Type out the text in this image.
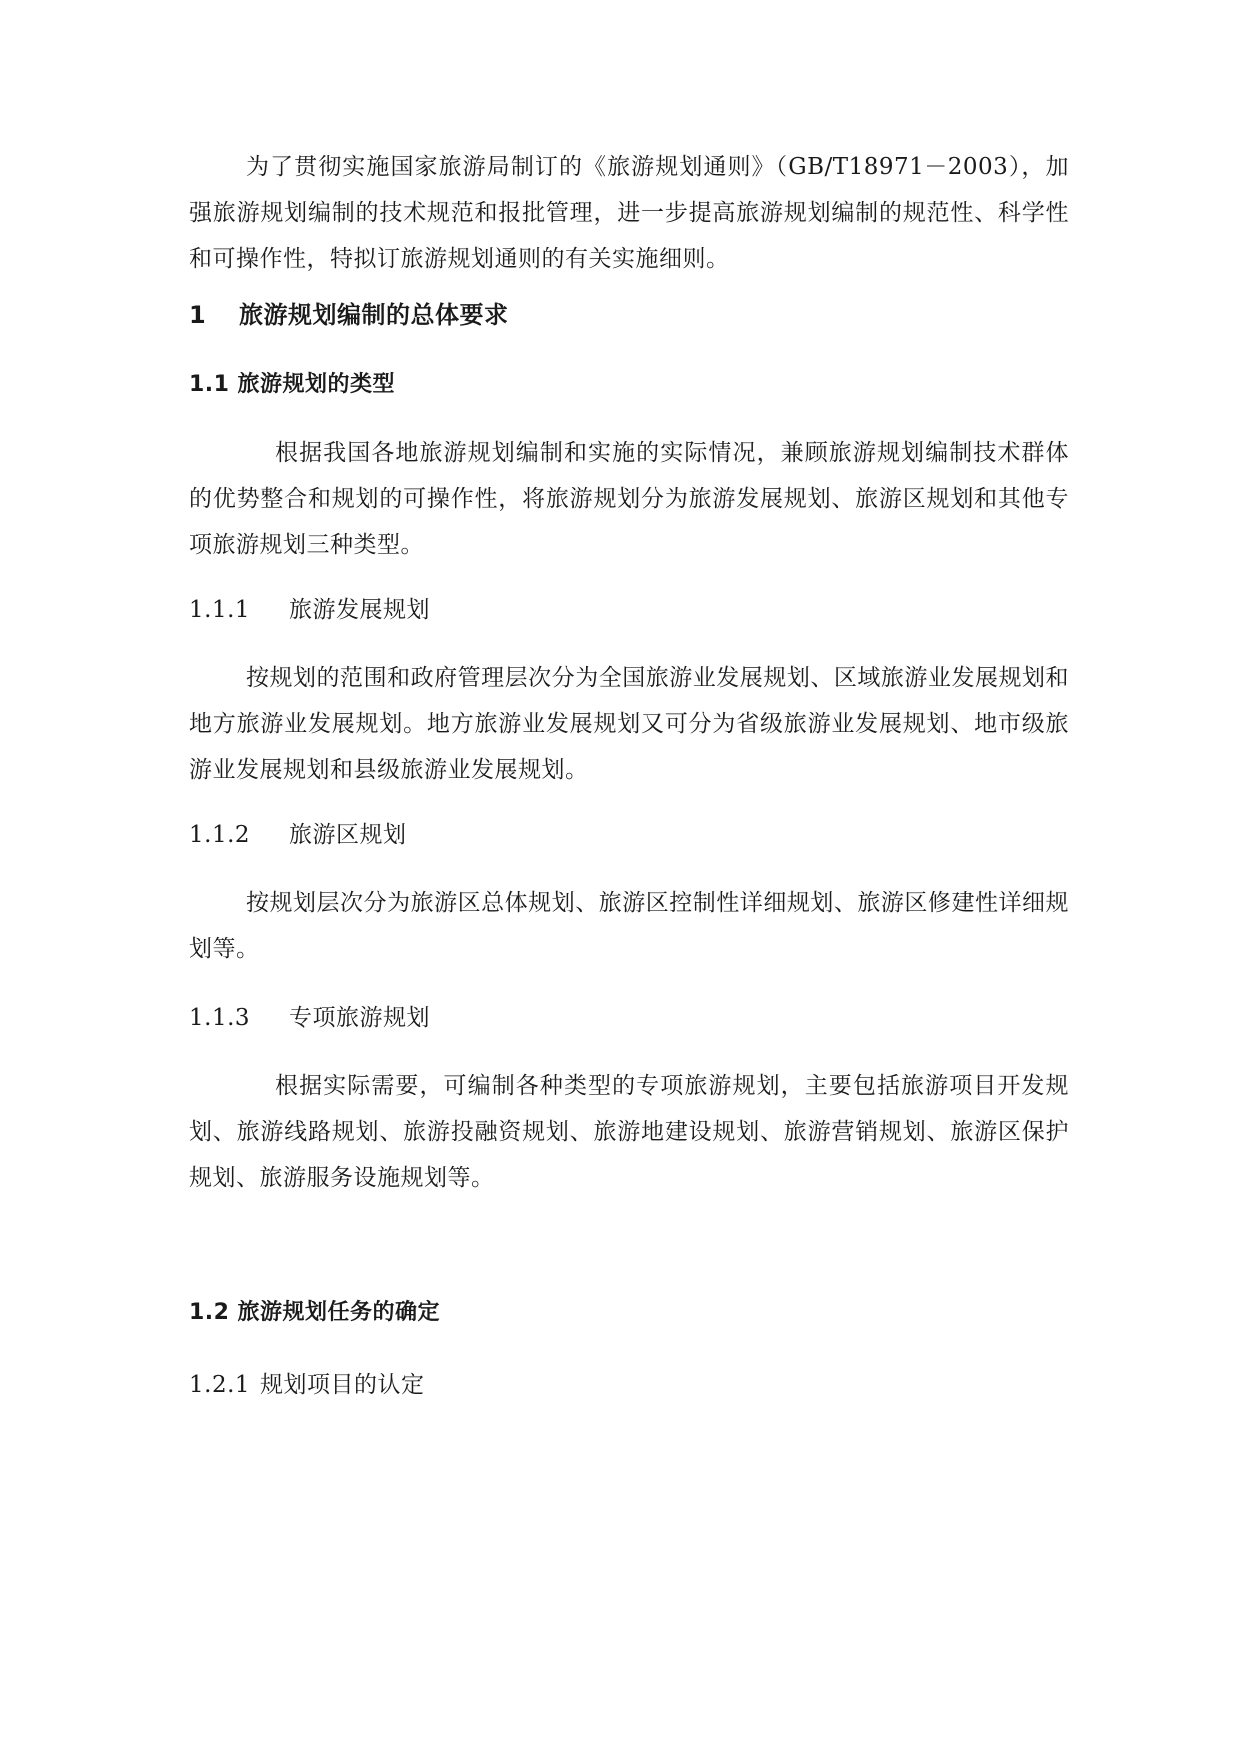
为了贯彻实施国家旅游局制订的《旅游规划通则》（GB/T18971－2003），加强旅游规划编制的技术规范和报批管理，进一步提高旅游规划编制的规范性、科学性和可操作性，特拟订旅游规划通则的有关实施细则。

1 旅游规划编制的总体要求
1.1 旅游规划的类型

根据我国各地旅游规划编制和实施的实际情况，兼顾旅游规划编制技术群体的优势整合和规划的可操作性，将旅游规划分为旅游发展规划、旅游区规划和其他专项旅游规划三种类型。

1.1.1 旅游发展规划

按规划的范围和政府管理层次分为全国旅游业发展规划、区域旅游业发展规划和地方旅游业发展规划。地方旅游业发展规划又可分为省级旅游业发展规划、地市级旅游业发展规划和县级旅游业发展规划。

1.1.2 旅游区规划

按规划层次分为旅游区总体规划、旅游区控制性详细规划、旅游区修建性详细规划等。

1.1.3 专项旅游规划

根据实际需要，可编制各种类型的专项旅游规划，主要包括旅游项目开发规划、旅游线路规划、旅游投融资规划、旅游地建设规划、旅游营销规划、旅游区保护规划、旅游服务设施规划等。

1.2 旅游规划任务的确定
1.2.1 规划项目的认定
